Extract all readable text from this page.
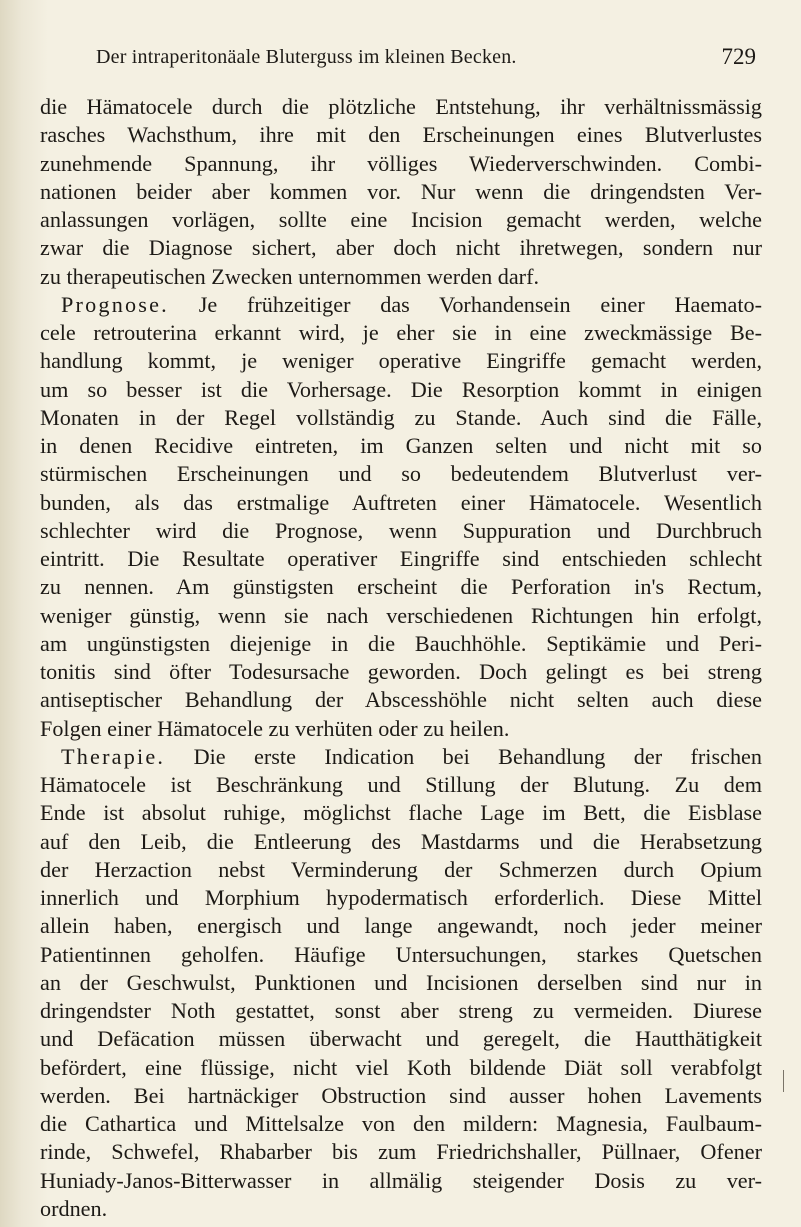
Der intraperitonäale Bluterguss im kleinen Becken.	729
die Hämatocele durch die plötzliche Entstehung, ihr verhältnissmässig
rasches Wachsthum, ihre mit den Erscheinungen eines Blutverlustes
zunehmende Spannung, ihr völliges Wiederverschwinden. Combi-
nationen beider aber kommen vor. Nur wenn die dringendsten Ver-
anlassungen vorlägen, sollte eine Incision gemacht werden, welche
zwar die Diagnose sichert, aber doch nicht ihretwegen, sondern nur
zu therapeutischen Zwecken unternommen werden darf.
Prognose. Je frühzeitiger das Vorhandensein einer Haemato-
cele retrouterina erkannt wird, je eher sie in eine zweckmässige Be-
handlung kommt, je weniger operative Eingriffe gemacht werden,
um so besser ist die Vorhersage. Die Resorption kommt in einigen
Monaten in der Regel vollständig zu Stande. Auch sind die Fälle,
in denen Recidive eintreten, im Ganzen selten und nicht mit so
stürmischen Erscheinungen und so bedeutendem Blutverlust ver-
bunden, als das erstmalige Auftreten einer Hämatocele. Wesentlich
schlechter wird die Prognose, wenn Suppuration und Durchbruch
eintritt. Die Resultate operativer Eingriffe sind entschieden schlecht
zu nennen. Am günstigsten erscheint die Perforation in's Rectum,
weniger günstig, wenn sie nach verschiedenen Richtungen hin erfolgt,
am ungünstigsten diejenige in die Bauchhöhle. Septikämie und Peri-
tonitis sind öfter Todesursache geworden. Doch gelingt es bei streng
antiseptischer Behandlung der Abscesshöhle nicht selten auch diese
Folgen einer Hämatocele zu verhüten oder zu heilen.
Therapie. Die erste Indication bei Behandlung der frischen
Hämatocele ist Beschränkung und Stillung der Blutung. Zu dem
Ende ist absolut ruhige, möglichst flache Lage im Bett, die Eisblase
auf den Leib, die Entleerung des Mastdarms und die Herabsetzung
der Herzaction nebst Verminderung der Schmerzen durch Opium
innerlich und Morphium hypodermatisch erforderlich. Diese Mittel
allein haben, energisch und lange angewandt, noch jeder meiner
Patientinnen geholfen. Häufige Untersuchungen, starkes Quetschen
an der Geschwulst, Punktionen und Incisionen derselben sind nur in
dringendster Noth gestattet, sonst aber streng zu vermeiden. Diurese
und Defäcation müssen überwacht und geregelt, die Hautthätigkeit
befördert, eine flüssige, nicht viel Koth bildende Diät soll verabfolgt
werden. Bei hartnäckiger Obstruction sind ausser hohen Lavements
die Cathartica und Mittelsalze von den mildern: Magnesia, Faulbaum-
rinde, Schwefel, Rhabarber bis zum Friedrichshaller, Püllnaer, Ofener
Huniady-Janos-Bitterwasser in allmälig steigender Dosis zu ver-
ordnen.
